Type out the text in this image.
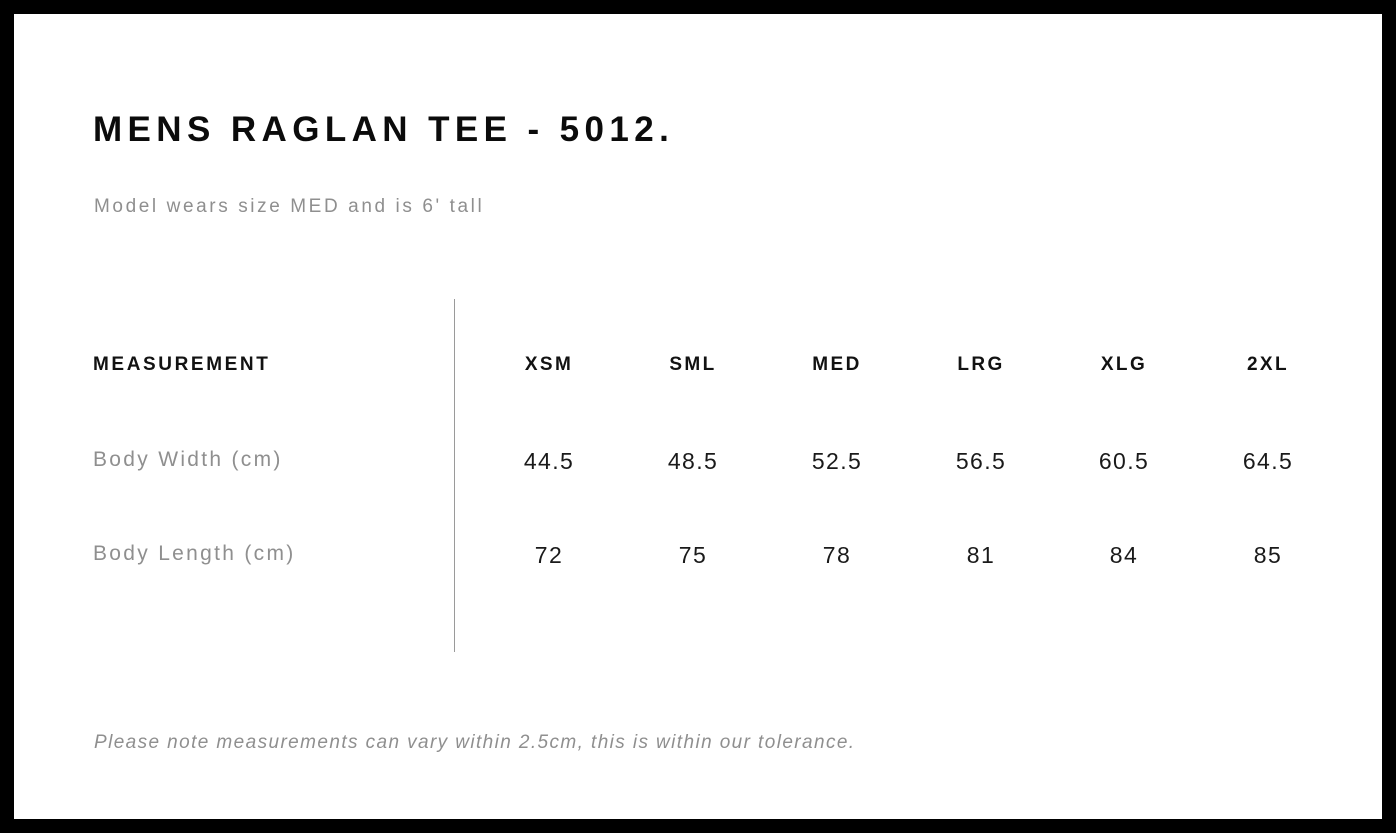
MENS RAGLAN TEE - 5012.
Model wears size MED and is 6' tall
MEASUREMENT	XSM	SML	MED	LRG	XLG	2XL
Body Width (cm)	44.5	48.5	52.5	56.5	60.5	64.5
Body Length (cm)	72	75	78	81	84	85
Please note measurements can vary within 2.5cm, this is within our tolerance.
